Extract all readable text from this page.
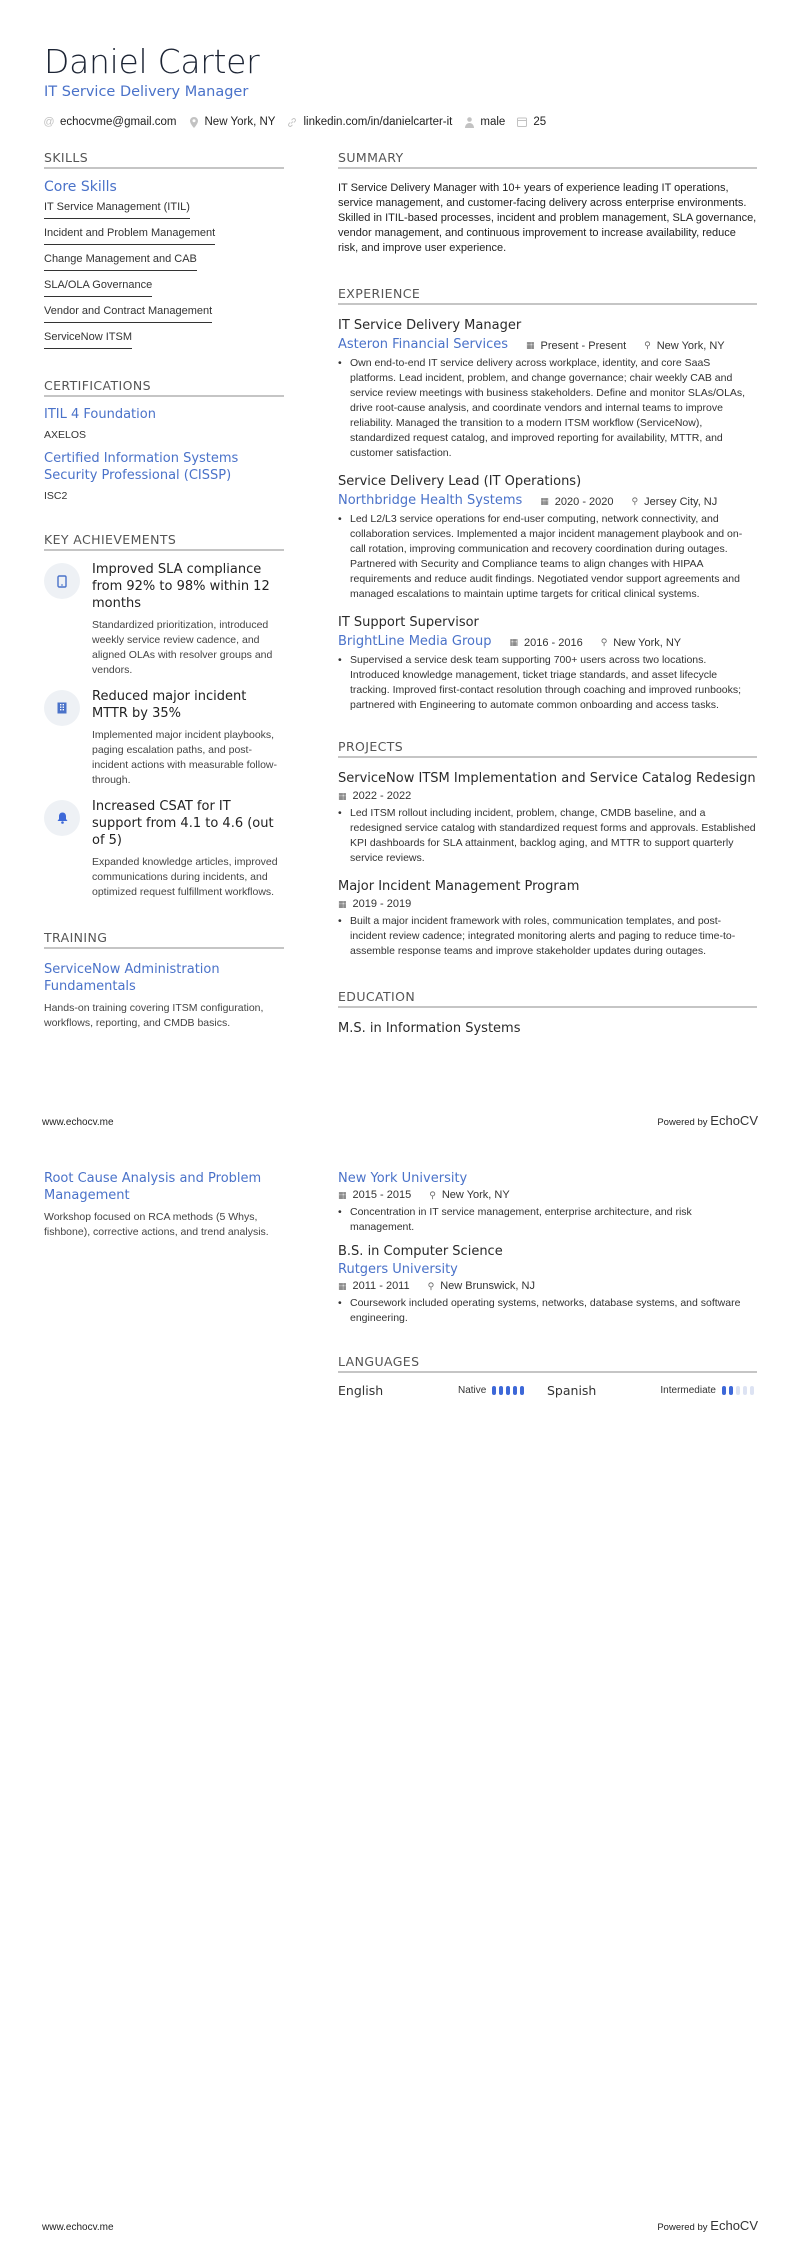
Daniel Carter
IT Service Delivery Manager
@ echocvme@gmail.com New York, NY linkedin.com/in/danielcarter-it male 25
SKILLS
Core Skills
IT Service Management (ITIL)
Incident and Problem Management
Change Management and CAB
SLA/OLA Governance
Vendor and Contract Management
ServiceNow ITSM
CERTIFICATIONS
ITIL 4 Foundation
AXELOS
Certified Information Systems Security Professional (CISSP)
ISC2
KEY ACHIEVEMENTS
Improved SLA compliance from 92% to 98% within 12 months
Standardized prioritization, introduced weekly service review cadence, and aligned OLAs with resolver groups and vendors.
Reduced major incident MTTR by 35%
Implemented major incident playbooks, paging escalation paths, and post-incident actions with measurable follow-through.
Increased CSAT for IT support from 4.1 to 4.6 (out of 5)
Expanded knowledge articles, improved communications during incidents, and optimized request fulfillment workflows.
TRAINING
ServiceNow Administration Fundamentals
Hands-on training covering ITSM configuration, workflows, reporting, and CMDB basics.
SUMMARY
IT Service Delivery Manager with 10+ years of experience leading IT operations, service management, and customer-facing delivery across enterprise environments. Skilled in ITIL-based processes, incident and problem management, SLA governance, vendor management, and continuous improvement to increase availability, reduce risk, and improve user experience.
EXPERIENCE
IT Service Delivery Manager
Asteron Financial Services ▦ Present - Present ⚲ New York, NY
• Own end-to-end IT service delivery across workplace, identity, and core SaaS platforms. Lead incident, problem, and change governance; chair weekly CAB and service review meetings with business stakeholders. Define and monitor SLAs/OLAs, drive root-cause analysis, and coordinate vendors and internal teams to improve reliability. Managed the transition to a modern ITSM workflow (ServiceNow), standardized request catalog, and improved reporting for availability, MTTR, and customer satisfaction.
Service Delivery Lead (IT Operations)
Northbridge Health Systems ▦ 2020 - 2020 ⚲ Jersey City, NJ
• Led L2/L3 service operations for end-user computing, network connectivity, and collaboration services. Implemented a major incident management playbook and on-call rotation, improving communication and recovery coordination during outages. Partnered with Security and Compliance teams to align changes with HIPAA requirements and reduce audit findings. Negotiated vendor support agreements and managed escalations to maintain uptime targets for critical clinical systems.
IT Support Supervisor
BrightLine Media Group ▦ 2016 - 2016 ⚲ New York, NY
• Supervised a service desk team supporting 700+ users across two locations. Introduced knowledge management, ticket triage standards, and asset lifecycle tracking. Improved first-contact resolution through coaching and improved runbooks; partnered with Engineering to automate common onboarding and access tasks.
PROJECTS
ServiceNow ITSM Implementation and Service Catalog Redesign
▦ 2022 - 2022
• Led ITSM rollout including incident, problem, change, CMDB baseline, and a redesigned service catalog with standardized request forms and approvals. Established KPI dashboards for SLA attainment, backlog aging, and MTTR to support quarterly service reviews.
Major Incident Management Program
▦ 2019 - 2019
• Built a major incident framework with roles, communication templates, and post-incident review cadence; integrated monitoring alerts and paging to reduce time-to-assemble response teams and improve stakeholder updates during outages.
EDUCATION
M.S. in Information Systems
www.echocv.me	Powered by EchoCV
Root Cause Analysis and Problem Management
Workshop focused on RCA methods (5 Whys, fishbone), corrective actions, and trend analysis.
New York University
▦ 2015 - 2015 ⚲ New York, NY
• Concentration in IT service management, enterprise architecture, and risk management.
B.S. in Computer Science
Rutgers University
▦ 2011 - 2011 ⚲ New Brunswick, NJ
• Coursework included operating systems, networks, database systems, and software engineering.
LANGUAGES
English	Native	Spanish	Intermediate
www.echocv.me	Powered by EchoCV
